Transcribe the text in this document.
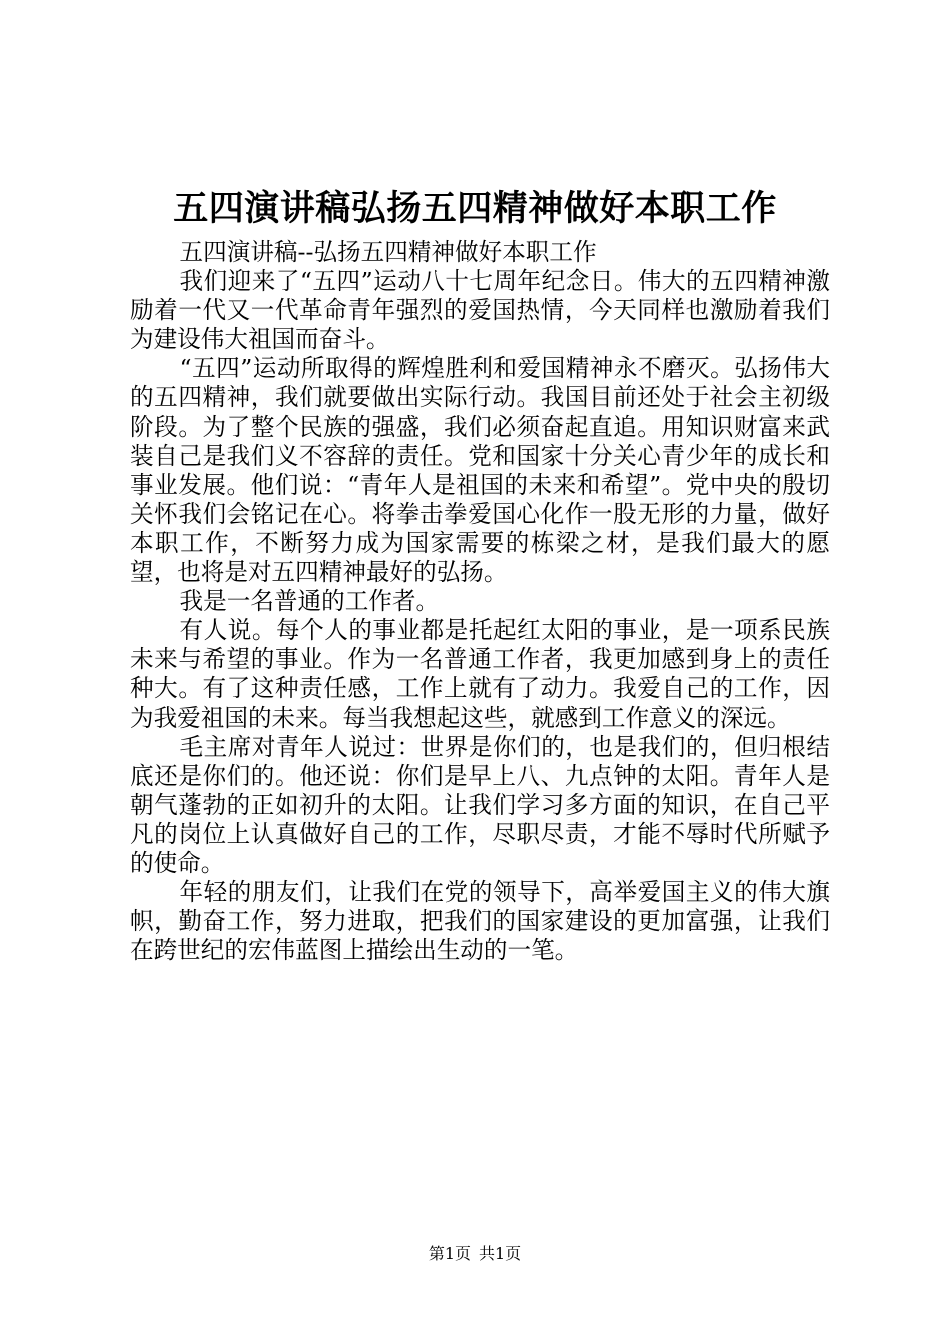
五四演讲稿弘扬五四精神做好本职工作

五四演讲稿--弘扬五四精神做好本职工作

我们迎来了“五四”运动八十七周年纪念日。伟大的五四精神激励着一代又一代革命青年强烈的爱国热情，今天同样也激励着我们为建设伟大祖国而奋斗。

“五四”运动所取得的辉煌胜利和爱国精神永不磨灭。弘扬伟大的五四精神，我们就要做出实际行动。我国目前还处于社会主初级阶段。为了整个民族的强盛，我们必须奋起直追。用知识财富来武装自己是我们义不容辞的责任。党和国家十分关心青少年的成长和事业发展。他们说：“青年人是祖国的未来和希望”。党中央的殷切关怀我们会铭记在心。将拳击拳爱国心化作一股无形的力量，做好本职工作，不断努力成为国家需要的栋梁之材，是我们最大的愿望，也将是对五四精神最好的弘扬。

我是一名普通的工作者。

有人说。每个人的事业都是托起红太阳的事业，是一项系民族未来与希望的事业。作为一名普通工作者，我更加感到身上的责任种大。有了这种责任感，工作上就有了动力。我爱自己的工作，因为我爱祖国的未来。每当我想起这些，就感到工作意义的深远。

毛主席对青年人说过：世界是你们的，也是我们的，但归根结底还是你们的。他还说：你们是早上八、九点钟的太阳。青年人是朝气蓬勃的正如初升的太阳。让我们学习多方面的知识，在自己平凡的岗位上认真做好自己的工作，尽职尽责，才能不辱时代所赋予的使命。

年轻的朋友们，让我们在党的领导下，高举爱国主义的伟大旗帜，勤奋工作，努力进取，把我们的国家建设的更加富强，让我们在跨世纪的宏伟蓝图上描绘出生动的一笔。

第1页 共1页
